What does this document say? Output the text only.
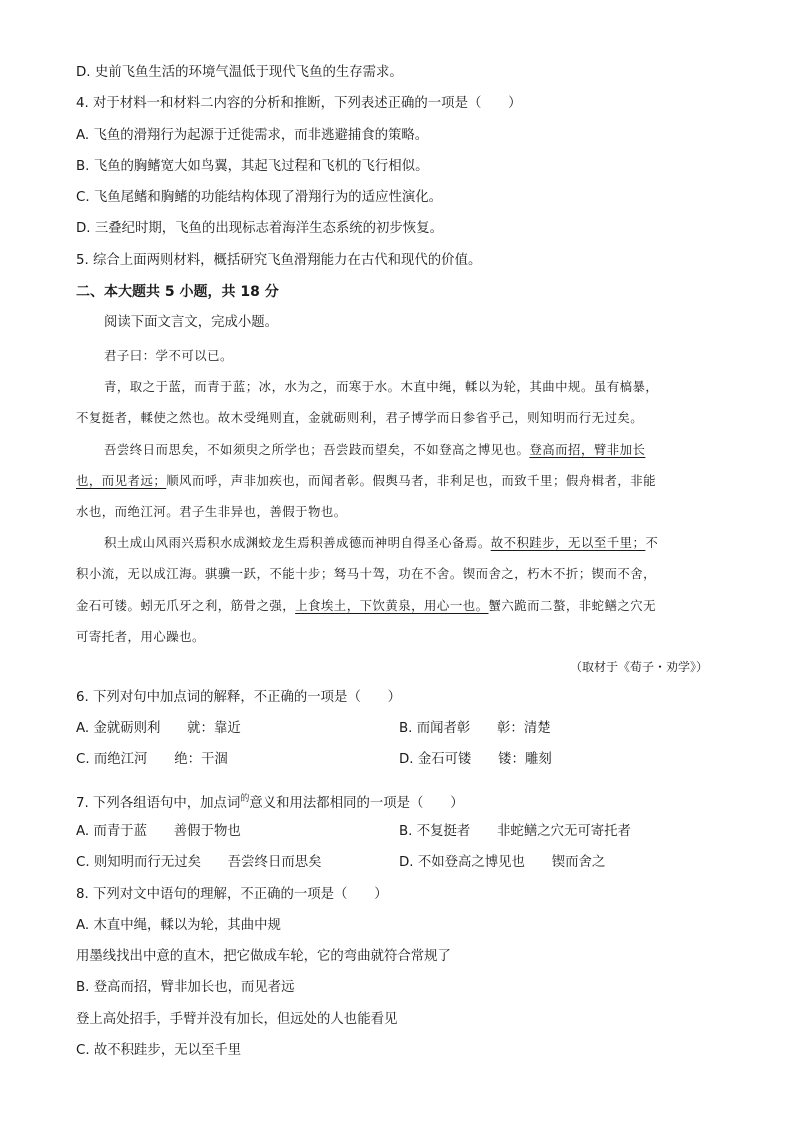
D. 史前飞鱼生活的环境气温低于现代飞鱼的生存需求。
4. 对于材料一和材料二内容的分析和推断，下列表述正确的一项是（　　）
A. 飞鱼的滑翔行为起源于迁徙需求，而非逃避捕食的策略。
B. 飞鱼的胸鳍宽大如鸟翼，其起飞过程和飞机的飞行相似。
C. 飞鱼尾鳍和胸鳍的功能结构体现了滑翔行为的适应性演化。
D. 三叠纪时期，飞鱼的出现标志着海洋生态系统的初步恢复。
5. 综合上面两则材料，概括研究飞鱼滑翔能力在古代和现代的价值。
二、本大题共 5 小题，共 18 分
阅读下面文言文，完成小题。
君子曰：学不可以已。
青，取之于蓝，而青于蓝；冰，水为之，而寒于水。木直中绳，輮以为轮，其曲中规。虽有槁暴，
不复挺者，輮使之然也。故木受绳则直，金就砺则利，君子博学而日参省乎己，则知明而行无过矣。
吾尝终日而思矣，不如须臾之所学也；吾尝跂而望矣，不如登高之博见也。登高而招，臂非加长
也，而见者远；顺风而呼，声非加疾也，而闻者彰。假舆马者，非利足也，而致千里；假舟楫者，非能
水也，而绝江河。君子生非异也，善假于物也。
积土成山风雨兴焉积水成渊蛟龙生焉积善成德而神明自得圣心备焉。故不积跬步，无以至千里；不
积小流，无以成江海。骐骥一跃，不能十步；驽马十驾，功在不舍。锲而舍之，朽木不折；锲而不舍，
金石可镂。蚓无爪牙之利，筋骨之强，上食埃土，下饮黄泉，用心一也。蟹六跪而二螯，非蛇鳝之穴无
可寄托者，用心躁也。
（取材于《荀子・劝学》）
6. 下列对句中加点词的解释，不正确的一项是（　　）
A. 金就砺则利　　就：靠近	B. 而闻者彰　　彰：清楚
C. 而绝江河　　绝：干涸	D. 金石可镂　　镂：雕刻
7. 下列各组语句中，加点词$^的$意义和用法都相同的一项是（　　）
A. 而青于蓝　　善假于物也	B. 不复挺者　　非蛇鳝之穴无可寄托者
C. 则知明而行无过矣　　吾尝终日而思矣	D. 不如登高之博见也　　锲而舍之
8. 下列对文中语句的理解，不正确的一项是（　　）
A. 木直中绳，輮以为轮，其曲中规
用墨线找出中意的直木，把它做成车轮，它的弯曲就符合常规了
B. 登高而招，臂非加长也，而见者远
登上高处招手，手臂并没有加长，但远处的人也能看见
C. 故不积跬步，无以至千里
